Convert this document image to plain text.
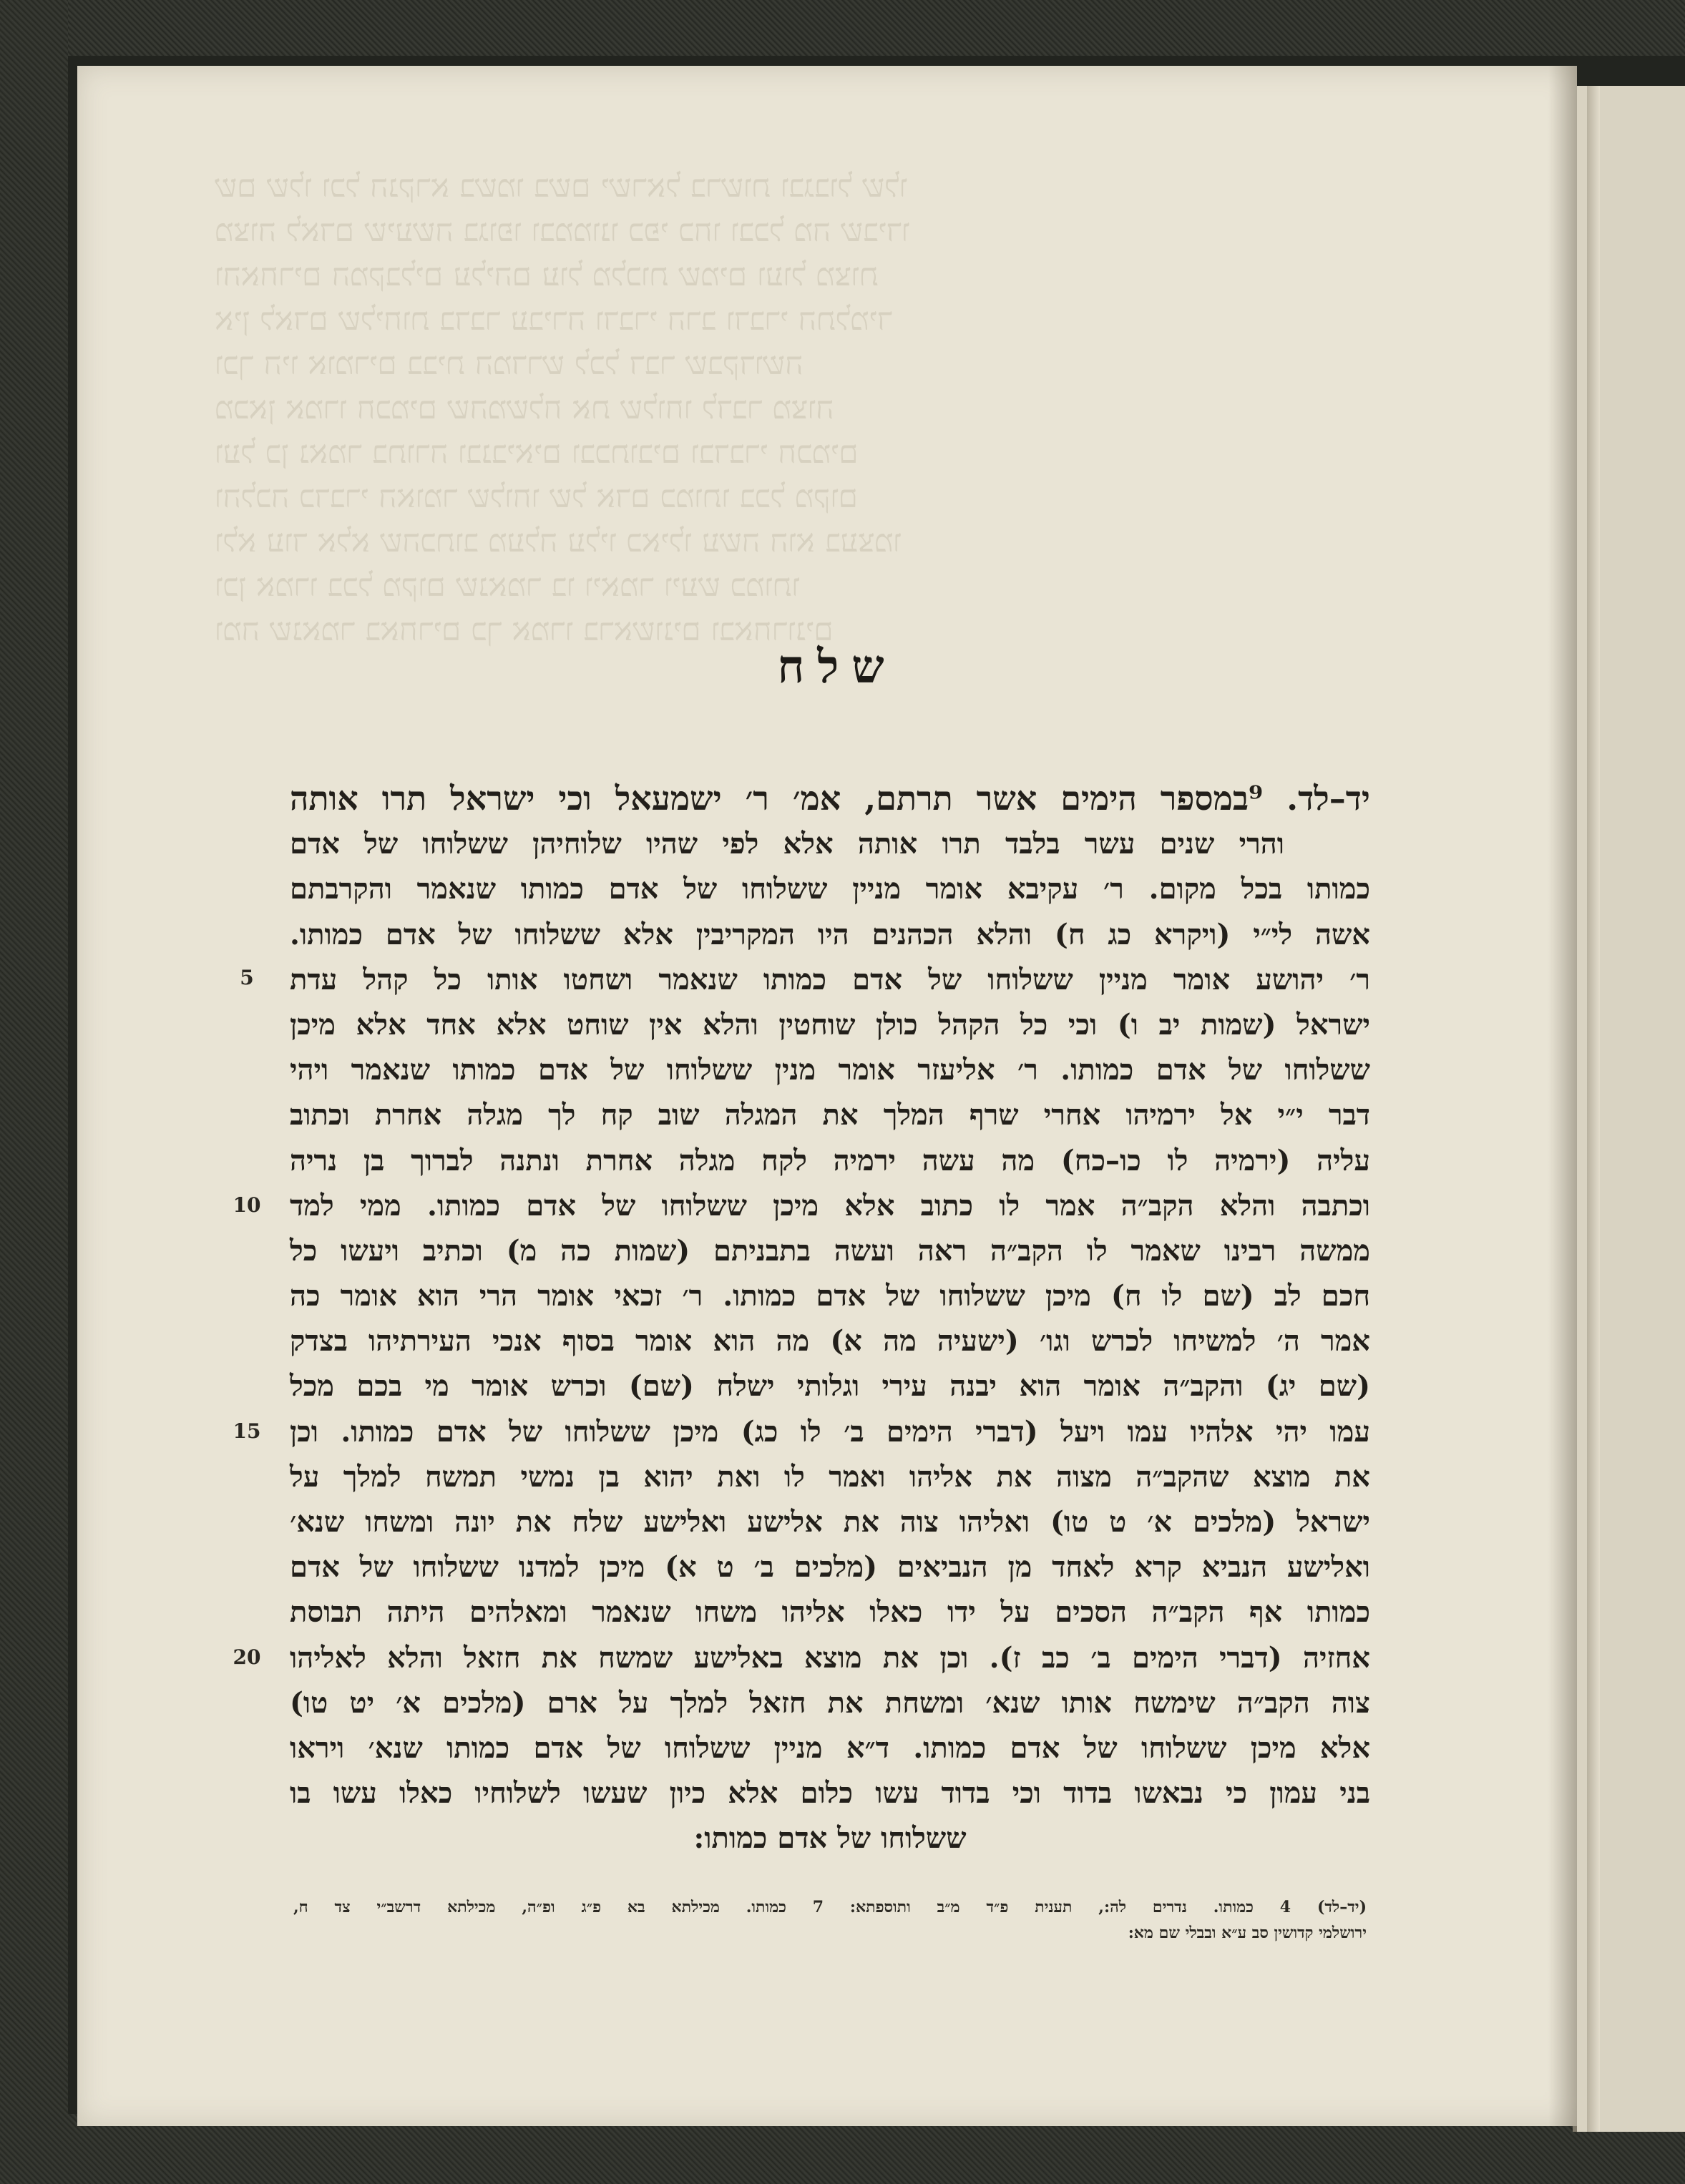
שם שלו וכל הנקרא בשמו בשם ישראל ברשות ובגבול שלו
מצוה לאדם שיעשה בגופו ובממונו כפי כחו ובכל מה שבידו
והאחרים המקבלים עליהם עול מלכות שמים ועול מצות
אין לאדם שליחות בדבר עבירה ודברי הרב ודברי התלמיד
וכך היו אומרים בבית המדרש לכל דבר שבקדושה
מכאן אמרו חכמים שהמשלח את שלוחו לדבר מצוה
ועל כן נאמר בתורה ובנביאים ובכתובים ובדברי חכמים
והלכה כדברי האומר שלוחו של אדם כמותו בכל מקום
ולא עוד אלא שהכתוב מעלה עליו כאילו עשה הוא בעצמו
וכן אמרו בכל מקום שנאמר בו ויאמר ויעש כמותו
ומה שנאמר באחרים כך אמרו בראשונים ובאחרונים
שלח
יד–לד. ⁹במספר הימים אשר תרתם, אמ׳ ר׳ ישמעאל וכי ישראל תרו אותה
והרי שנים עשר בלבד תרו אותה אלא לפי שהיו שלוחיהן ששלוחו של אדם
כמותו בכל מקום. ר׳ עקיבא אומר מניין ששלוחו של אדם כמותו שנאמר והקרבתם
אשה לי״י (ויקרא כג ח) והלא הכהנים היו המקריבין אלא ששלוחו של אדם כמותו.
ר׳ יהושע אומר מניין ששלוחו של אדם כמותו שנאמר ושחטו אותו כל קהל עדת
ישראל (שמות יב ו) וכי כל הקהל כולן שוחטין והלא אין שוחט אלא אחד אלא מיכן
ששלוחו של אדם כמותו. ר׳ אליעזר אומר מנין ששלוחו של אדם כמותו שנאמר ויהי
דבר י״י אל ירמיהו אחרי שרף המלך את המגלה שוב קח לך מגלה אחרת וכתוב
עליה (ירמיה לו כו–כח) מה עשה ירמיה לקח מגלה אחרת ונתנה לברוך בן נריה
וכתבה והלא הקב״ה אמר לו כתוב אלא מיכן ששלוחו של אדם כמותו. ממי למד
ממשה רבינו שאמר לו הקב״ה ראה ועשה בתבניתם (שמות כה מ) וכתיב ויעשו כל
חכם לב (שם לו ח) מיכן ששלוחו של אדם כמותו. ר׳ זכאי אומר הרי הוא אומר כה
אמר ה׳ למשיחו לכרש וגו׳ (ישעיה מה א) מה הוא אומר בסוף אנכי העירתיהו בצדק
(שם יג) והקב״ה אומר הוא יבנה עירי וגלותי ישלח (שם) וכרש אומר מי בכם מכל
עמו יהי אלהיו עמו ויעל (דברי הימים ב׳ לו כג) מיכן ששלוחו של אדם כמותו. וכן
את מוצא שהקב״ה מצוה את אליהו ואמר לו ואת יהוא בן נמשי תמשח למלך על
ישראל (מלכים א׳ ט טו) ואליהו צוה את אלישע ואלישע שלח את יונה ומשחו שנא׳
ואלישע הנביא קרא לאחד מן הנביאים (מלכים ב׳ ט א) מיכן למדנו ששלוחו של אדם
כמותו אף הקב״ה הסכים על ידו כאלו אליהו משחו שנאמר ומאלהים היתה תבוסת
אחזיה (דברי הימים ב׳ כב ז). וכן את מוצא באלישע שמשח את חזאל והלא לאליהו
צוה הקב״ה שימשח אותו שנא׳ ומשחת את חזאל למלך על ארם (מלכים א׳ יט טו)
אלא מיכן ששלוחו של אדם כמותו. ד״א מניין ששלוחו של אדם כמותו שנא׳ ויראו
בני עמון כי נבאשו בדוד וכי בדוד עשו כלום אלא כיון שעשו לשלוחיו כאלו עשו בו
ששלוחו של אדם כמותו:
5
10
15
20
(יד–לד) 4 כמותו. נדרים לה:, תענית פ״ד מ״ב ותוספתא: 7 כמותו. מכילתא בא פ״ג ופ״ה, מכילתא דרשב״י צד ח,
ירושלמי קדושין סב ע״א ובבלי שם מא:
